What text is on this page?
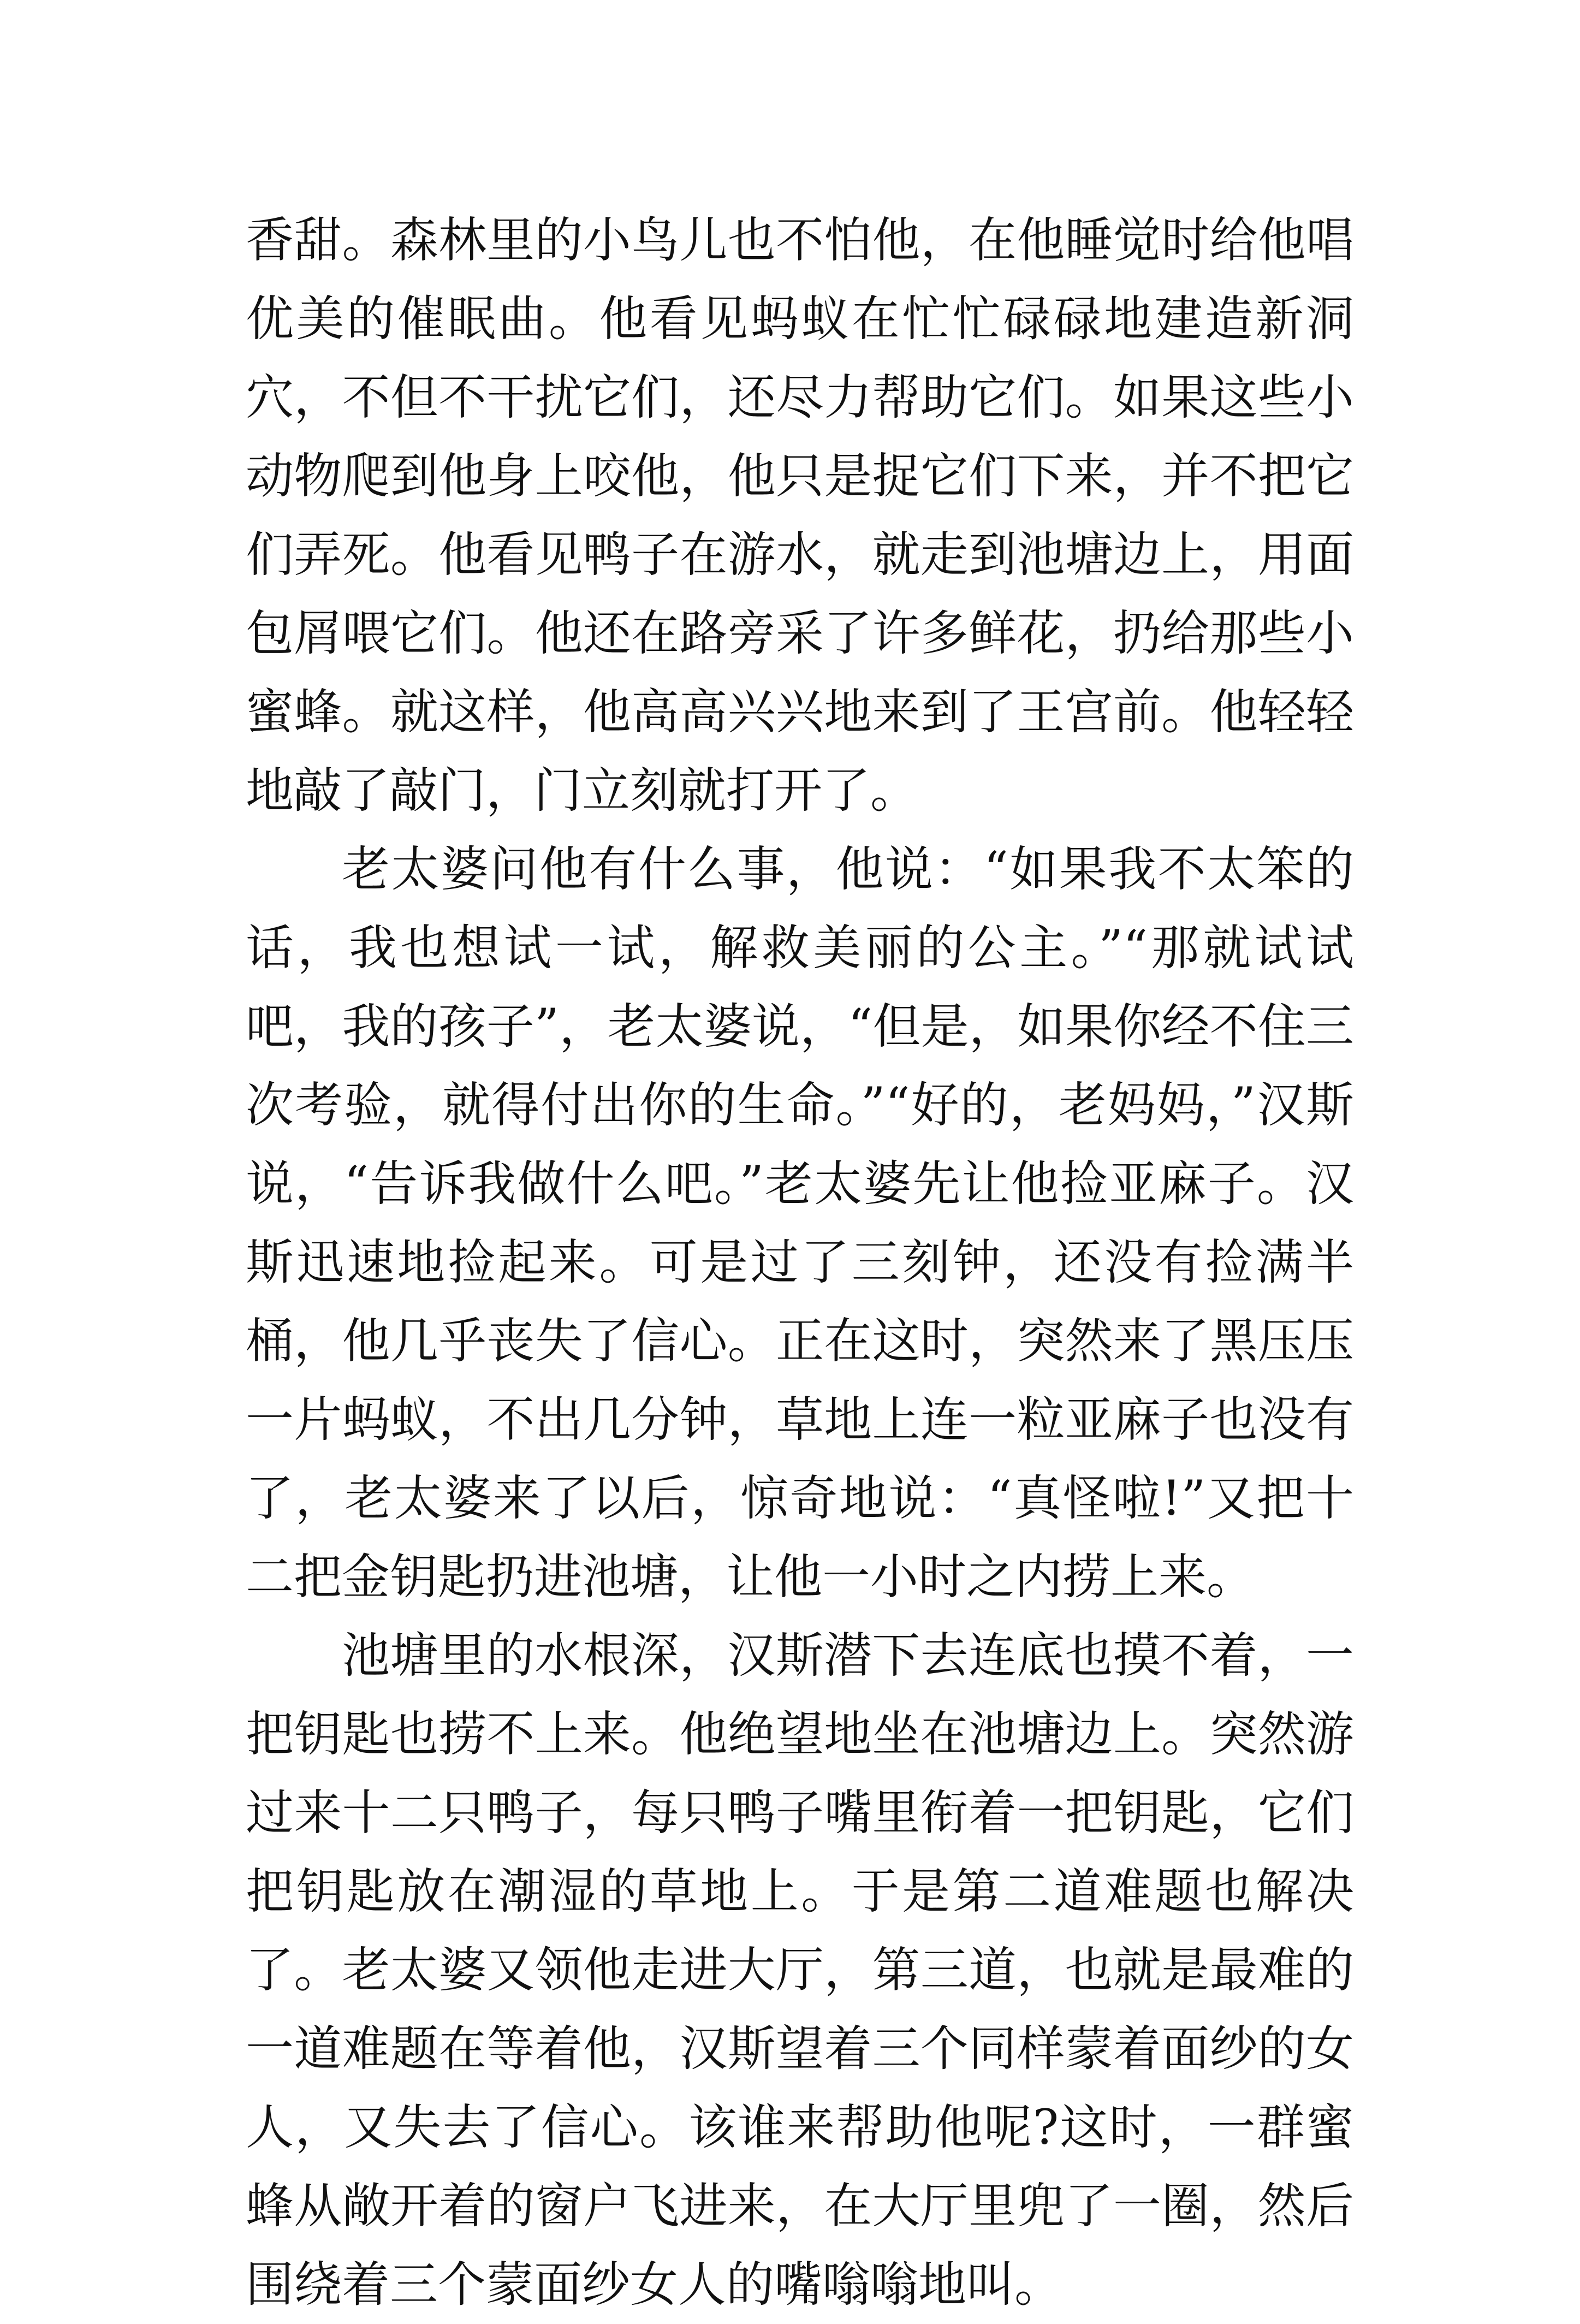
香甜。森林里的小鸟儿也不怕他，在他睡觉时给他唱优美的催眠曲。他看见蚂蚁在忙忙碌碌地建造新洞穴，不但不干扰它们，还尽力帮助它们。如果这些小动物爬到他身上咬他，他只是捉它们下来，并不把它们弄死。他看见鸭子在游水，就走到池塘边上，用面包屑喂它们。他还在路旁采了许多鲜花，扔给那些小蜜蜂。就这样，他高高兴兴地来到了王宫前。他轻轻地敲了敲门，门立刻就打开了。

老太婆问他有什么事，他说：“如果我不太笨的话，我也想试一试，解救美丽的公主。”“那就试试吧，我的孩子”，老太婆说，“但是，如果你经不住三次考验，就得付出你的生命。”“好的，老妈妈，”汉斯说，“告诉我做什么吧。”老太婆先让他捡亚麻子。汉斯迅速地捡起来。可是过了三刻钟，还没有捡满半桶，他几乎丧失了信心。正在这时，突然来了黑压压一片蚂蚁，不出几分钟，草地上连一粒亚麻子也没有了，老太婆来了以后，惊奇地说：“真怪啦!”又把十二把金钥匙扔进池塘，让他一小时之内捞上来。

池塘里的水根深，汉斯潜下去连底也摸不着，一把钥匙也捞不上来。他绝望地坐在池塘边上。突然游过来十二只鸭子，每只鸭子嘴里衔着一把钥匙，它们把钥匙放在潮湿的草地上。于是第二道难题也解决了。老太婆又领他走进大厅，第三道，也就是最难的一道难题在等着他，汉斯望着三个同样蒙着面纱的女人，又失去了信心。该谁来帮助他呢?这时，一群蜜蜂从敞开着的窗户飞进来，在大厅里兜了一圈，然后围绕着三个蒙面纱女人的嘴嗡嗡地叫。
